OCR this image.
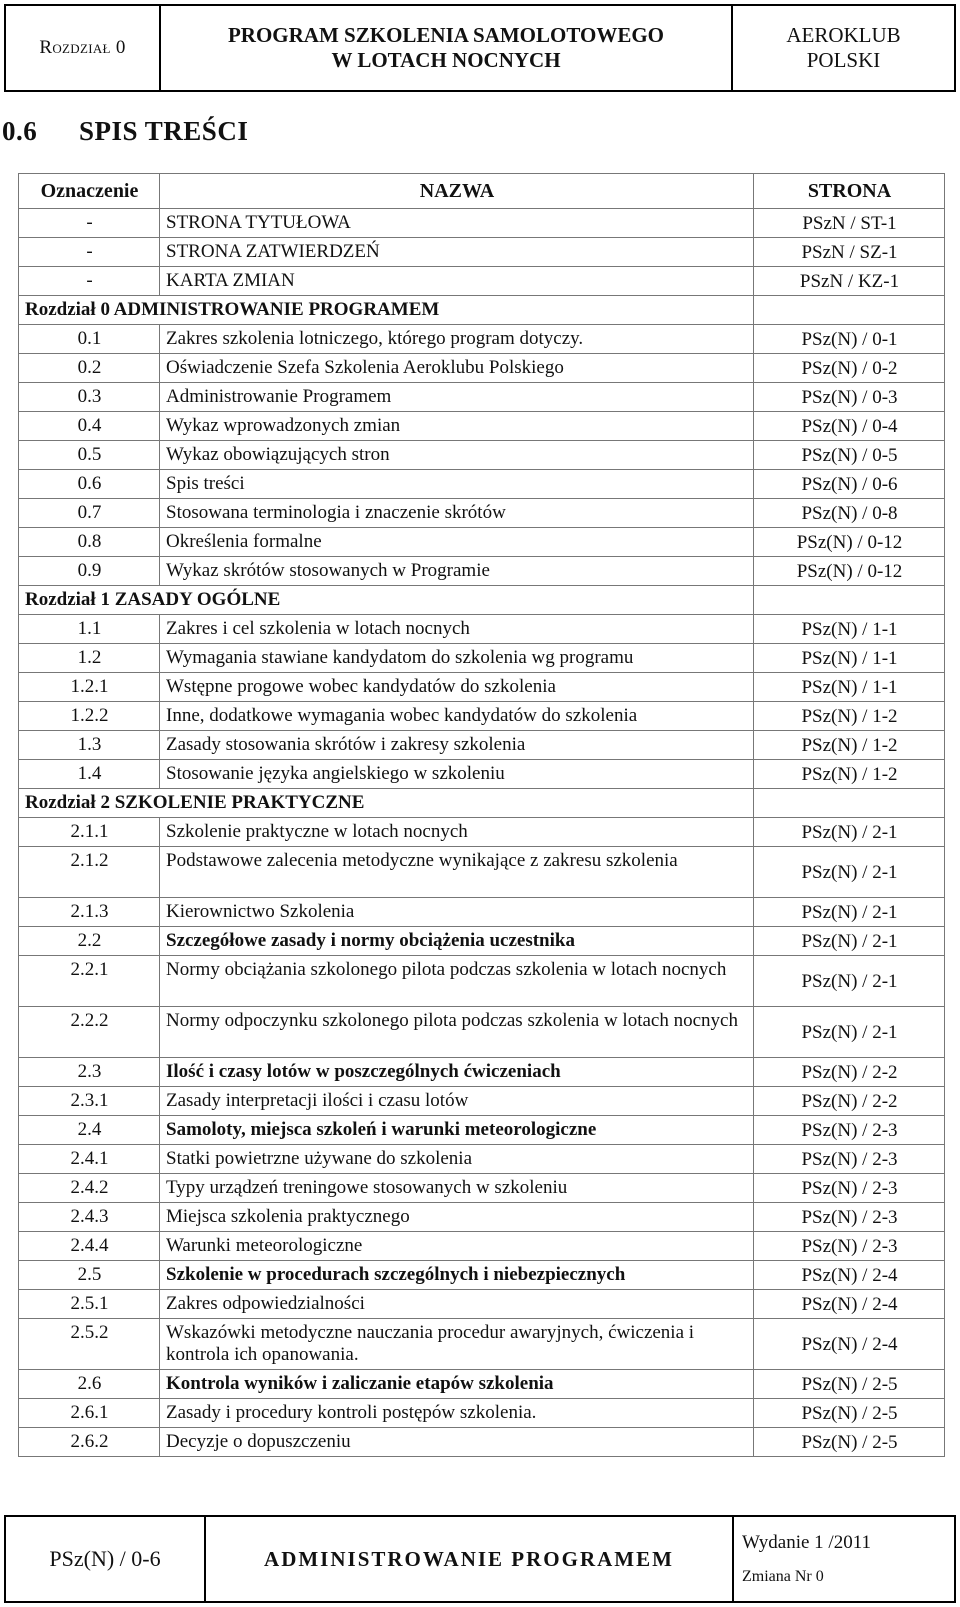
Rozdział 0
PROGRAM SZKOLENIA SAMOLOTOWEGO
W LOTACH NOCNYCH
AEROKLUB
POLSKI
0.6 SPIS TREŚCI
Oznaczenie	NAZWA	STRONA
-	STRONA TYTUŁOWA	PSzN / ST-1
-	STRONA ZATWIERDZEŃ	PSzN / SZ-1
-	KARTA ZMIAN	PSzN / KZ-1
Rozdział 0 ADMINISTROWANIE PROGRAMEM		
0.1	Zakres szkolenia lotniczego, którego program dotyczy.	PSz(N) / 0-1
0.2	Oświadczenie Szefa Szkolenia Aeroklubu Polskiego	PSz(N) / 0-2
0.3	Administrowanie Programem	PSz(N) / 0-3
0.4	Wykaz wprowadzonych zmian	PSz(N) / 0-4
0.5	Wykaz obowiązujących stron	PSz(N) / 0-5
0.6	Spis treści	PSz(N) / 0-6
0.7	Stosowana terminologia i znaczenie skrótów	PSz(N) / 0-8
0.8	Określenia formalne	PSz(N) / 0-12
0.9	Wykaz skrótów stosowanych w Programie	PSz(N) / 0-12
Rozdział 1 ZASADY OGÓLNE		
1.1	Zakres i cel szkolenia w lotach nocnych	PSz(N) / 1-1
1.2	Wymagania stawiane kandydatom do szkolenia wg programu	PSz(N) / 1-1
1.2.1	Wstępne progowe wobec kandydatów do szkolenia	PSz(N) / 1-1
1.2.2	Inne, dodatkowe wymagania wobec kandydatów do szkolenia	PSz(N) / 1-2
1.3	Zasady stosowania skrótów i zakresy szkolenia	PSz(N) / 1-2
1.4	Stosowanie języka angielskiego w szkoleniu	PSz(N) / 1-2
Rozdział 2 SZKOLENIE PRAKTYCZNE		
2.1.1	Szkolenie praktyczne w lotach nocnych	PSz(N) / 2-1
2.1.2	Podstawowe zalecenia metodyczne wynikające z zakresu szkolenia	PSz(N) / 2-1
2.1.3	Kierownictwo Szkolenia	PSz(N) / 2-1
2.2	Szczegółowe zasady i normy obciążenia uczestnika	PSz(N) / 2-1
2.2.1	Normy obciążania szkolonego pilota podczas szkolenia w lotach nocnych	PSz(N) / 2-1
2.2.2	Normy odpoczynku szkolonego pilota podczas szkolenia w lotach nocnych	PSz(N) / 2-1
2.3	Ilość i czasy lotów w poszczególnych ćwiczeniach	PSz(N) / 2-2
2.3.1	Zasady interpretacji ilości i czasu lotów	PSz(N) / 2-2
2.4	Samoloty, miejsca szkoleń i warunki meteorologiczne	PSz(N) / 2-3
2.4.1	Statki powietrzne używane do szkolenia	PSz(N) / 2-3
2.4.2	Typy urządzeń treningowe stosowanych w szkoleniu	PSz(N) / 2-3
2.4.3	Miejsca szkolenia praktycznego	PSz(N) / 2-3
2.4.4	Warunki meteorologiczne	PSz(N) / 2-3
2.5	Szkolenie w procedurach szczególnych i niebezpiecznych	PSz(N) / 2-4
2.5.1	Zakres odpowiedzialności	PSz(N) / 2-4
2.5.2	Wskazówki metodyczne nauczania procedur awaryjnych, ćwiczenia i kontrola ich opanowania.	PSz(N) / 2-4
2.6	Kontrola wyników i zaliczanie etapów szkolenia	PSz(N) / 2-5
2.6.1	Zasady i procedury kontroli postępów szkolenia.	PSz(N) / 2-5
2.6.2	Decyzje o dopuszczeniu	PSz(N) / 2-5
PSz(N) / 0-6	ADMINISTROWANIE PROGRAMEM
Wydanie 1 /2011
Zmiana Nr 0
